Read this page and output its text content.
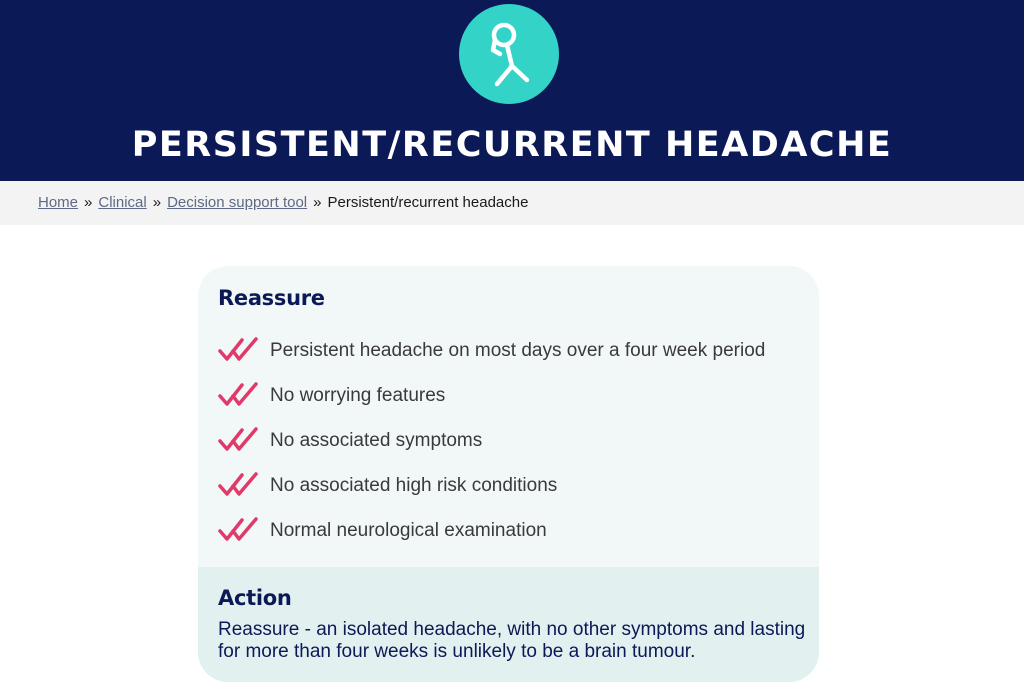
PERSISTENT/RECURRENT HEADACHE
Home » Clinical » Decision support tool » Persistent/recurrent headache
Reassure
Persistent headache on most days over a four week period
No worrying features
No associated symptoms
No associated high risk conditions
Normal neurological examination
Action

Reassure - an isolated headache, with no other symptoms and lasting for more than four weeks is unlikely to be a brain tumour.
